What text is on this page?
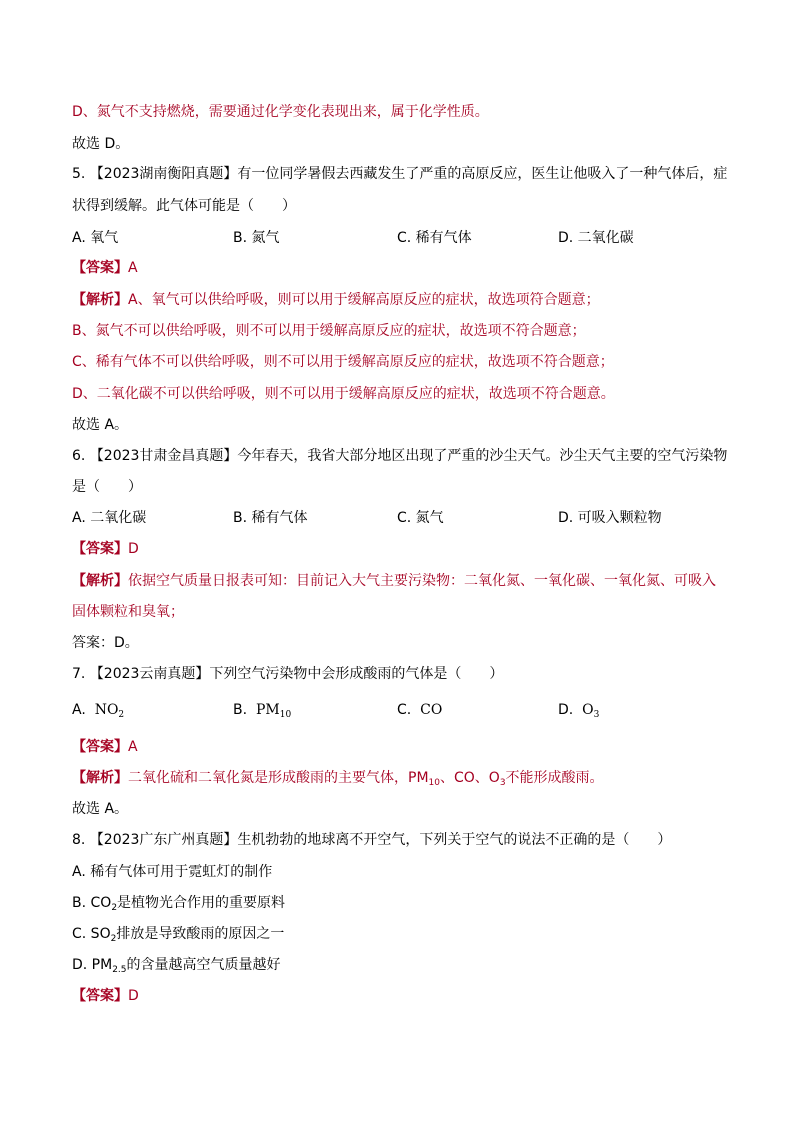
D、氮气不支持燃烧，需要通过化学变化表现出来，属于化学性质。
故选 D。
5. 【2023湖南衡阳真题】有一位同学暑假去西藏发生了严重的高原反应，医生让他吸入了一种气体后，症
状得到缓解。此气体可能是（　　）
A. 氧气	B. 氮气	C. 稀有气体	D. 二氧化碳
【答案】A
【解析】A、氧气可以供给呼吸，则可以用于缓解高原反应的症状，故选项符合题意；
B、氮气不可以供给呼吸，则不可以用于缓解高原反应的症状，故选项不符合题意；
C、稀有气体不可以供给呼吸，则不可以用于缓解高原反应的症状，故选项不符合题意；
D、二氧化碳不可以供给呼吸，则不可以用于缓解高原反应的症状，故选项不符合题意。
故选 A。
6. 【2023甘肃金昌真题】今年春天，我省大部分地区出现了严重的沙尘天气。沙尘天气主要的空气污染物
是（　　）
A. 二氧化碳	B. 稀有气体	C. 氮气	D. 可吸入颗粒物
【答案】D
【解析】依据空气质量日报表可知：目前记入大气主要污染物：二氧化氮、一氧化碳、一氧化氮、可吸入
固体颗粒和臭氧；
答案：D。
7. 【2023云南真题】下列空气污染物中会形成酸雨的气体是（　　）
A. $NO_2$	B. $PM_{10}$	C. CO	D. $O_3$
【答案】A
【解析】二氧化硫和二氧化氮是形成酸雨的主要气体，$PM_{10}$、CO、$O_3$不能形成酸雨。
故选 A。
8. 【2023广东广州真题】生机勃勃的地球离不开空气，下列关于空气的说法不正确的是（　　）
A. 稀有气体可用于霓虹灯的制作
B. $CO_2$是植物光合作用的重要原料
C. $SO_2$排放是导致酸雨的原因之一
D. $PM_{2.5}$的含量越高空气质量越好
【答案】D
